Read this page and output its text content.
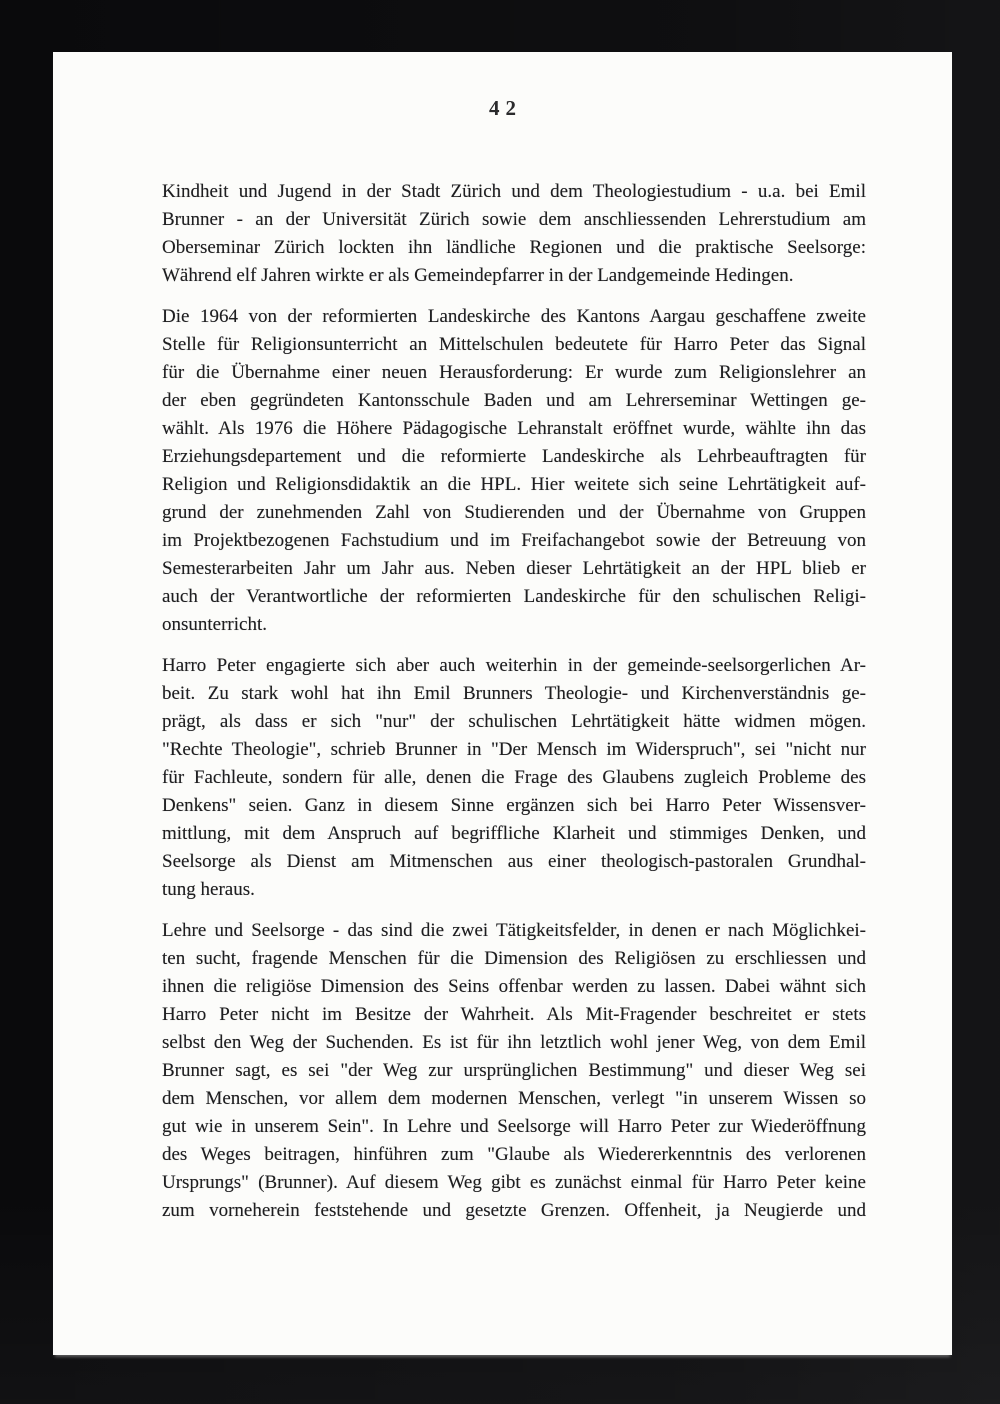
42
Kindheit und Jugend in der Stadt Zürich und dem Theologiestudium - u.a. bei Emil
Brunner - an der Universität Zürich sowie dem anschliessenden Lehrerstudium am
Oberseminar Zürich lockten ihn ländliche Regionen und die praktische Seelsorge:
Während elf Jahren wirkte er als Gemeindepfarrer in der Landgemeinde Hedingen.
Die 1964 von der reformierten Landeskirche des Kantons Aargau geschaffene zweite
Stelle für Religionsunterricht an Mittelschulen bedeutete für Harro Peter das Signal
für die Übernahme einer neuen Herausforderung: Er wurde zum Religionslehrer an
der eben gegründeten Kantonsschule Baden und am Lehrerseminar Wettingen ge-
wählt. Als 1976 die Höhere Pädagogische Lehranstalt eröffnet wurde, wählte ihn das
Erziehungsdepartement und die reformierte Landeskirche als Lehrbeauftragten für
Religion und Religionsdidaktik an die HPL. Hier weitete sich seine Lehrtätigkeit auf-
grund der zunehmenden Zahl von Studierenden und der Übernahme von Gruppen
im Projektbezogenen Fachstudium und im Freifachangebot sowie der Betreuung von
Semesterarbeiten Jahr um Jahr aus. Neben dieser Lehrtätigkeit an der HPL blieb er
auch der Verantwortliche der reformierten Landeskirche für den schulischen Religi-
onsunterricht.
Harro Peter engagierte sich aber auch weiterhin in der gemeinde-seelsorgerlichen Ar-
beit. Zu stark wohl hat ihn Emil Brunners Theologie- und Kirchenverständnis ge-
prägt, als dass er sich "nur" der schulischen Lehrtätigkeit hätte widmen mögen.
"Rechte Theologie", schrieb Brunner in "Der Mensch im Widerspruch", sei "nicht nur
für Fachleute, sondern für alle, denen die Frage des Glaubens zugleich Probleme des
Denkens" seien. Ganz in diesem Sinne ergänzen sich bei Harro Peter Wissensver-
mittlung, mit dem Anspruch auf begriffliche Klarheit und stimmiges Denken, und
Seelsorge als Dienst am Mitmenschen aus einer theologisch-pastoralen Grundhal-
tung heraus.
Lehre und Seelsorge - das sind die zwei Tätigkeitsfelder, in denen er nach Möglichkei-
ten sucht, fragende Menschen für die Dimension des Religiösen zu erschliessen und
ihnen die religiöse Dimension des Seins offenbar werden zu lassen. Dabei wähnt sich
Harro Peter nicht im Besitze der Wahrheit. Als Mit-Fragender beschreitet er stets
selbst den Weg der Suchenden. Es ist für ihn letztlich wohl jener Weg, von dem Emil
Brunner sagt, es sei "der Weg zur ursprünglichen Bestimmung" und dieser Weg sei
dem Menschen, vor allem dem modernen Menschen, verlegt "in unserem Wissen so
gut wie in unserem Sein". In Lehre und Seelsorge will Harro Peter zur Wiederöffnung
des Weges beitragen, hinführen zum "Glaube als Wiedererkenntnis des verlorenen
Ursprungs" (Brunner). Auf diesem Weg gibt es zunächst einmal für Harro Peter keine
zum vorneherein feststehende und gesetzte Grenzen. Offenheit, ja Neugierde und
